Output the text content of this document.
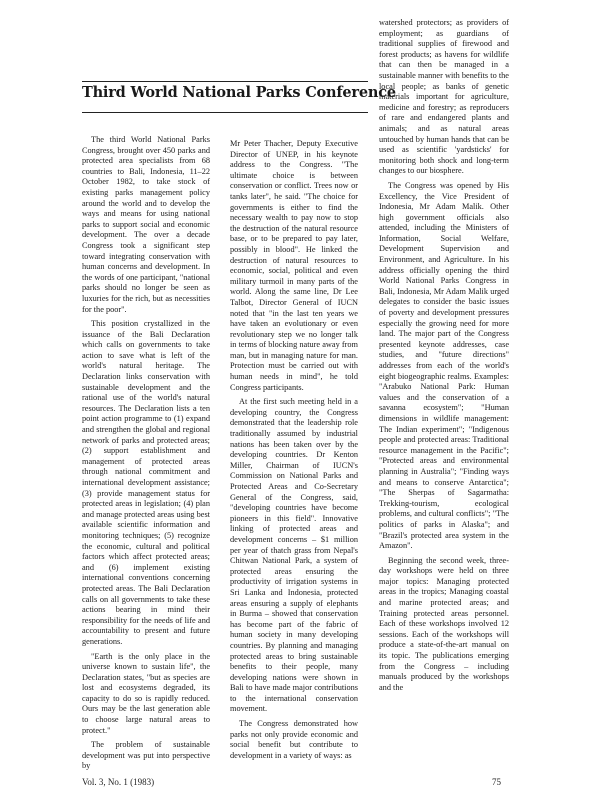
Third World National Parks Conference

The third World National Parks Congress, brought over 450 parks and protected area specialists from 68 countries to Bali, Indonesia, 11–22 October 1982, to take stock of existing parks management policy around the world and to develop the ways and means for using national parks to support social and economic development. The over a decade Congress took a significant step toward integrating conservation with human concerns and development. In the words of one participant, "national parks should no longer be seen as luxuries for the rich, but as necessities for the poor".

This position crystallized in the issuance of the Bali Declaration which calls on governments to take action to save what is left of the world's natural heritage. The Declaration links conservation with sustainable development and the rational use of the world's natural resources. The Declaration lists a ten point action programme to (1) expand and strengthen the global and regional network of parks and protected areas; (2) support establishment and management of protected areas through national commitment and international development assistance; (3) provide management status for protected areas in legislation; (4) plan and manage protected areas using best available scientific information and monitoring techniques; (5) recognize the economic, cultural and political factors which affect protected areas; and (6) implement existing international conventions concerning protected areas. The Bali Declaration calls on all governments to take these actions bearing in mind their responsibility for the needs of life and accountability to present and future generations.

"Earth is the only place in the universe known to sustain life", the Declaration states, "but as species are lost and ecosystems degraded, its capacity to do so is rapidly reduced. Ours may be the last generation able to choose large natural areas to protect."

The problem of sustainable development was put into perspective by

Mr Peter Thacher, Deputy Executive Director of UNEP, in his keynote address to the Congress. "The ultimate choice is between conservation or conflict. Trees now or tanks later", he said. "The choice for governments is either to find the necessary wealth to pay now to stop the destruction of the natural resource base, or to be prepared to pay later, possibly in blood". He linked the destruction of natural resources to economic, social, political and even military turmoil in many parts of the world. Along the same line, Dr Lee Talbot, Director General of IUCN noted that "in the last ten years we have taken an evolutionary or even revolutionary step we no longer talk in terms of blocking nature away from man, but in managing nature for man. Protection must be carried out with human needs in mind", he told Congress participants.

At the first such meeting held in a developing country, the Congress demonstrated that the leadership role traditionally assumed by industrial nations has been taken over by the developing countries. Dr Kenton Miller, Chairman of IUCN's Commission on National Parks and Protected Areas and Co-Secretary General of the Congress, said, "developing countries have become pioneers in this field". Innovative linking of protected areas and development concerns – $1 million per year of thatch grass from Nepal's Chitwan National Park, a system of protected areas ensuring the productivity of irrigation systems in Sri Lanka and Indonesia, protected areas ensuring a supply of elephants in Burma – showed that conservation has become part of the fabric of human society in many developing countries. By planning and managing protected areas to bring sustainable benefits to their people, many developing nations were shown in Bali to have made major contributions to the international conservation movement.

The Congress demonstrated how parks not only provide economic and social benefit but contribute to development in a variety of ways: as

watershed protectors; as providers of employment; as guardians of traditional supplies of firewood and forest products; as havens for wildlife that can then be managed in a sustainable manner with benefits to the local people; as banks of genetic materials important for agriculture, medicine and forestry; as reproducers of rare and endangered plants and animals; and as natural areas untouched by human hands that can be used as scientific 'yardsticks' for monitoring both shock and long-term changes to our biosphere.

The Congress was opened by His Excellency, the Vice President of Indonesia, Mr Adam Malik. Other high government officials also attended, including the Ministers of Information, Social Welfare, Development Supervision and Environment, and Agriculture. In his address officially opening the third World National Parks Congress in Bali, Indonesia, Mr Adam Malik urged delegates to consider the basic issues of poverty and development pressures especially the growing need for more land. The major part of the Congress presented keynote addresses, case studies, and "future directions" addresses from each of the world's eight biogeographic realms. Examples: "Arabuko National Park: Human values and the conservation of a savanna ecosystem"; "Human dimensions in wildlife management: The Indian experiment"; "Indigenous people and protected areas: Traditional resource management in the Pacific"; "Protected areas and environmental planning in Australia"; "Finding ways and means to conserve Antarctica"; "The Sherpas of Sagarmatha: Trekking-tourism, ecological problems, and cultural conflicts"; "The politics of parks in Alaska"; and "Brazil's protected area system in the Amazon".

Beginning the second week, three-day workshops were held on three major topics: Managing protected areas in the tropics; Managing coastal and marine protected areas; and Training protected areas personnel. Each of these workshops involved 12 sessions. Each of the workshops will produce a state-of-the-art manual on its topic. The publications emerging from the Congress – including manuals produced by the workshops and the

Vol. 3, No. 1 (1983)	75
